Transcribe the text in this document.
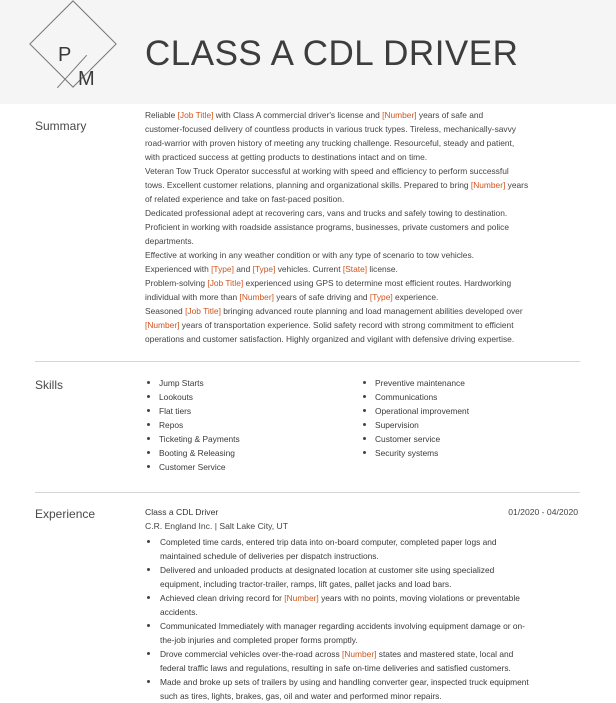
P
M
CLASS A CDL DRIVER
Summary

Reliable [Job Title] with Class A commercial driver's license and [Number] years of safe and

customer-focused delivery of countless products in various truck types. Tireless, mechanically-savvy

road-warrior with proven history of meeting any trucking challenge. Resourceful, steady and patient,

with practiced success at getting products to destinations intact and on time.

Veteran Tow Truck Operator successful at working with speed and efficiency to perform successful

tows. Excellent customer relations, planning and organizational skills. Prepared to bring [Number] years

of related experience and take on fast-paced position.

Dedicated professional adept at recovering cars, vans and trucks and safely towing to destination.

Proficient in working with roadside assistance programs, businesses, private customers and police

departments.

Effective at working in any weather condition or with any type of scenario to tow vehicles.

Experienced with [Type] and [Type] vehicles. Current [State] license.

Problem-solving [Job Title] experienced using GPS to determine most efficient routes. Hardworking

individual with more than [Number] years of safe driving and [Type] experience.

Seasoned [Job Title] bringing advanced route planning and load management abilities developed over

[Number] years of transportation experience. Solid safety record with strong commitment to efficient

operations and customer satisfaction. Highly organized and vigilant with defensive driving expertise.

Skills	Jump Starts
Lookouts
Flat tiers
Repos
Ticketing & Payments
Booting & Releasing
Customer Service
Preventive maintenance
Communications
Operational improvement
Supervision
Customer service
Security systems
Experience	Class a CDL Driver	01/2020 - 04/2020
C.R. England Inc. | Salt Lake City, UT
Completed time cards, entered trip data into on-board computer, completed paper logs and
maintained schedule of deliveries per dispatch instructions.
Delivered and unloaded products at designated location at customer site using specialized
equipment, including tractor-trailer, ramps, lift gates, pallet jacks and load bars.
Achieved clean driving record for [Number] years with no points, moving violations or preventable
accidents.
Communicated Immediately with manager regarding accidents involving equipment damage or on-
the-job injuries and completed proper forms promptly.
Drove commercial vehicles over-the-road across [Number] states and mastered state, local and
federal traffic laws and regulations, resulting in safe on-time deliveries and satisfied customers.
Made and broke up sets of trailers by using and handling converter gear, inspected truck equipment
such as tires, lights, brakes, gas, oil and water and performed minor repairs.
